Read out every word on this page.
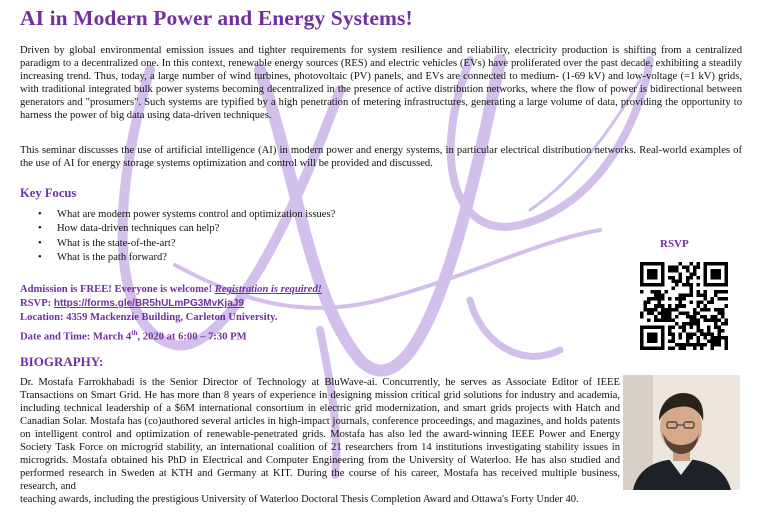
AI in Modern Power and Energy Systems!

Driven by global environmental emission issues and tighter requirements for system resilience and reliability, electricity production is shifting from a centralized paradigm to a decentralized one. In this context, renewable energy sources (RES) and electric vehicles (EVs) have proliferated over the past decade, exhibiting a steadily increasing trend. Thus, today, a large number of wind turbines, photovoltaic (PV) panels, and EVs are connected to medium- (1-69 kV) and low-voltage (=1 kV) grids, with traditional integrated bulk power systems becoming decentralized in the presence of active distribution networks, where the flow of power is bidirectional between generators and "prosumers". Such systems are typified by a high penetration of metering infrastructures, generating a large volume of data, providing the opportunity to harness the power of big data using data-driven techniques.

This seminar discusses the use of artificial intelligence (AI) in modern power and energy systems, in particular electrical distribution networks. Real-world examples of the use of AI for energy storage systems optimization and control will be provided and discussed.

Key Focus
• What are modern power systems control and optimization issues?
• How data-driven techniques can help?
• What is the state-of-the-art?
• What is the path forward?
Admission is FREE! Everyone is welcome! Registration is required!
RSVP: https://forms.gle/BR5hULmPG3MvKjaJ9
Location: 4359 Mackenzie Building, Carleton University.
Date and Time: March 4th, 2020 at 6:00 – 7:30 PM
RSVP
BIOGRAPHY:
Dr. Mostafa Farrokhabadi is the Senior Director of Technology at BluWave-ai. Concurrently, he serves as Associate Editor of IEEE Transactions on Smart Grid. He has more than 8 years of experience in designing mission critical grid solutions for industry and academia, including technical leadership of a $6M international consortium in electric grid modernization, and smart grids projects with Hatch and Canadian Solar. Mostafa has (co)authored several articles in high-impact journals, conference proceedings, and magazines, and holds patents on intelligent control and optimization of renewable-penetrated grids. Mostafa has also led the award-winning IEEE Power and Energy Society Task Force on microgrid stability, an international coalition of 21 researchers from 14 institutions investigating stability issues in microgrids. Mostafa obtained his PhD in Electrical and Computer Engineering from the University of Waterloo. He has also studied and performed research in Sweden at KTH and Germany at KIT. During the course of his career, Mostafa has received multiple business, research, and
teaching awards, including the prestigious University of Waterloo Doctoral Thesis Completion Award and Ottawa's Forty Under 40.
